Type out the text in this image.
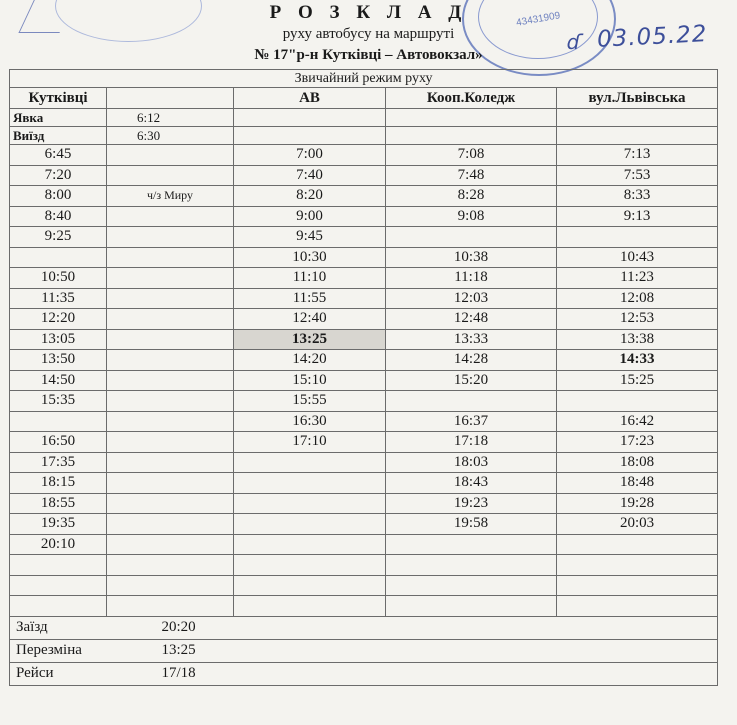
43431909
ɗ 03.05.22
Р О З К Л А Д
руху автобусу на маршруті
№ 17"р-н Кутківці – Автовокзал»
Звичайний режим руху				
Кутківці		АВ	Кооп.Коледж	вул.Львівська
Явка	6:12			
Виїзд	6:30			
6:45		7:00	7:08	7:13
7:20		7:40	7:48	7:53
8:00	ч/з Миру	8:20	8:28	8:33
8:40		9:00	9:08	9:13
9:25		9:45		
		10:30	10:38	10:43
10:50		11:10	11:18	11:23
11:35		11:55	12:03	12:08
12:20		12:40	12:48	12:53
13:05		13:25	13:33	13:38
13:50		14:20	14:28	14:33
14:50		15:10	15:20	15:25
15:35		15:55		
		16:30	16:37	16:42
16:50		17:10	17:18	17:23
17:35			18:03	18:08
18:15			18:43	18:48
18:55			19:23	19:28
19:35			19:58	20:03
20:10				

Заїзд	20:20			
Перезміна	13:25			
Рейси	17/18			
